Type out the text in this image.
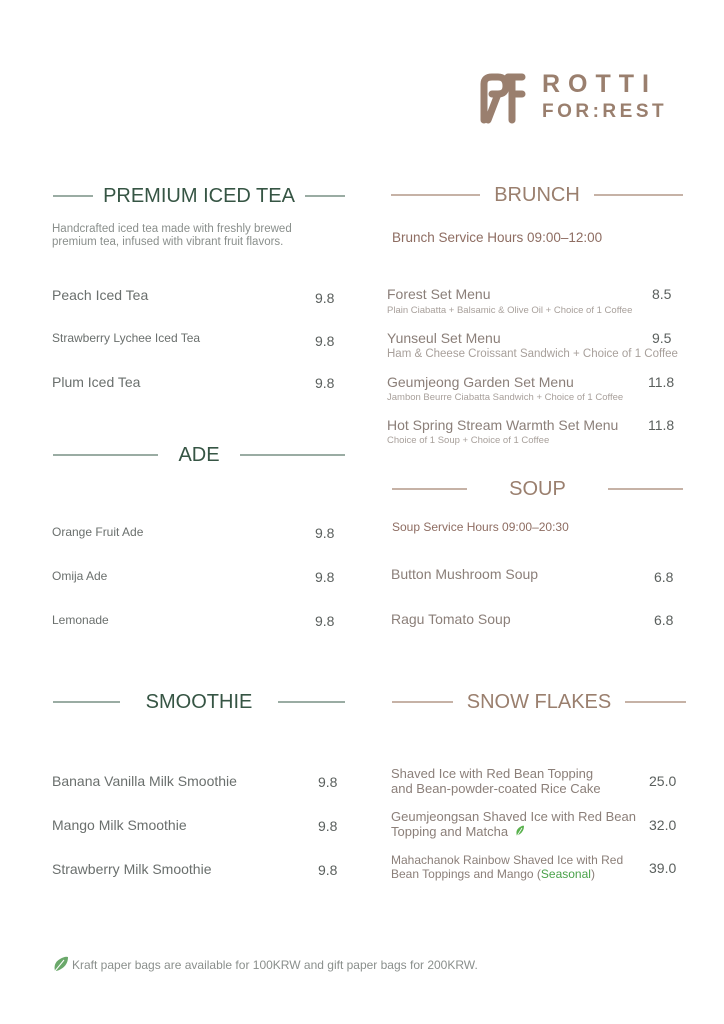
ROTTI
FOR:REST
PREMIUM ICED TEA
Handcrafted iced tea made with freshly brewed premium tea, infused with vibrant fruit flavors.
Peach Iced Tea	9.8
Strawberry Lychee Iced Tea	9.8
Plum Iced Tea	9.8
ADE
Orange Fruit Ade	9.8
Omija Ade	9.8
Lemonade	9.8
SMOOTHIE
Banana Vanilla Milk Smoothie	9.8
Mango Milk Smoothie	9.8
Strawberry Milk Smoothie	9.8
BRUNCH
Brunch Service Hours 09:00–12:00
Forest Set Menu	8.5
Plain Ciabatta + Balsamic & Olive Oil + Choice of 1 Coffee
Yunseul Set Menu	9.5
Ham & Cheese Croissant Sandwich + Choice of 1 Coffee
Geumjeong Garden Set Menu	11.8
Jambon Beurre Ciabatta Sandwich + Choice of 1 Coffee
Hot Spring Stream Warmth Set Menu 11.8
Choice of 1 Soup + Choice of 1 Coffee
SOUP
Soup Service Hours 09:00–20:30
Button Mushroom Soup	6.8
Ragu Tomato Soup	6.8
SNOW FLAKES
Shaved Ice with Red Bean Topping
and Bean-powder-coated Rice Cake	25.0
Geumjeongsan Shaved Ice with Red Bean
Topping and Matcha	32.0
Mahachanok Rainbow Shaved Ice with Red
Bean Toppings and Mango (Seasonal)	39.0
Kraft paper bags are available for 100KRW and gift paper bags for 200KRW.
